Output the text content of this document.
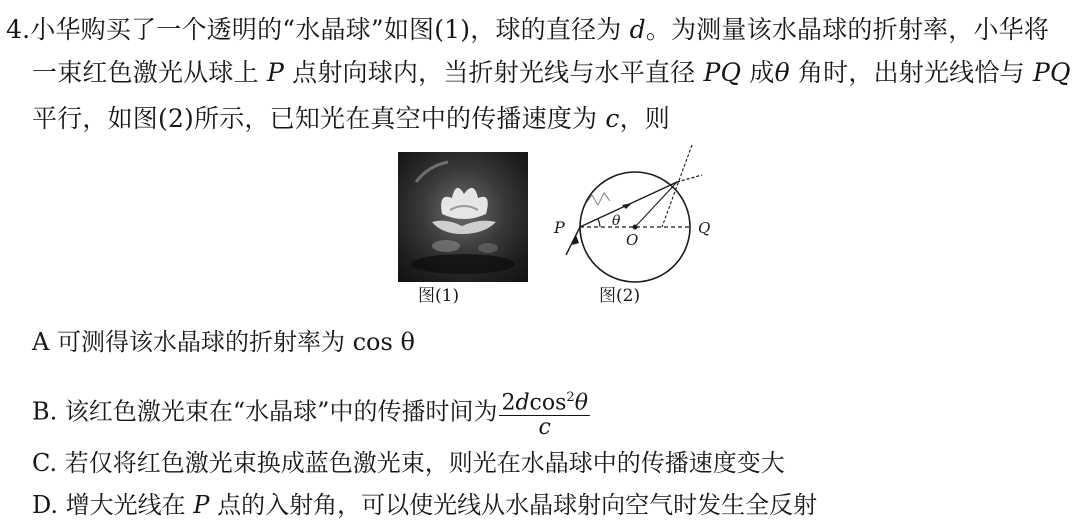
4.小华购买了一个透明的“水晶球”如图(1)，球的直径为 d。为测量该水晶球的折射率，小华将
一束红色激光从球上 P 点射向球内，当折射光线与水平直径 PQ 成θ 角时，出射光线恰与 PQ
平行，如图(2)所示，已知光在真空中的传播速度为 c，则
图(1)
P
O
Q
θ
图(2)
A 可测得该水晶球的折射率为 cos θ
B. 该红色激光束在“水晶球”中的传播时间为 $\frac{2dcos^2\theta}{c}$
C. 若仅将红色激光束换成蓝色激光束，则光在水晶球中的传播速度变大
D. 增大光线在 P 点的入射角，可以使光线从水晶球射向空气时发生全反射
